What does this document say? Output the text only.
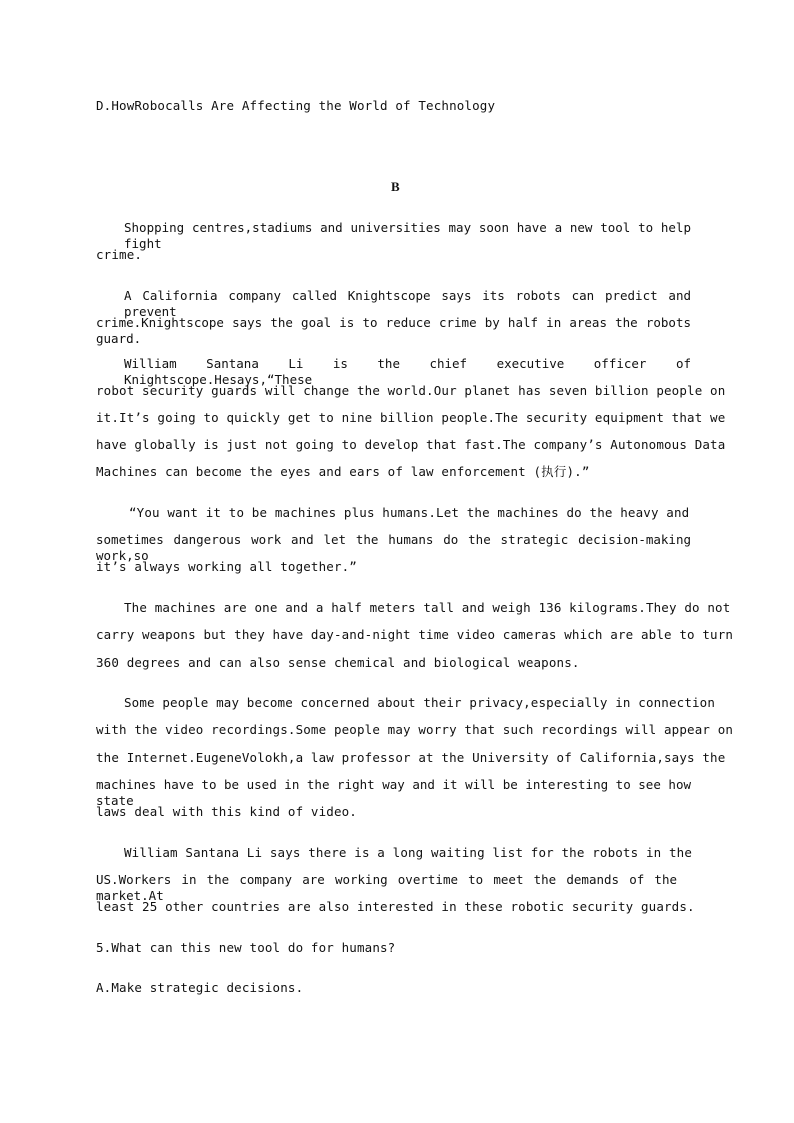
D.HowRobocalls Are Affecting the World of Technology
B
Shopping centres,stadiums and universities may soon have a new tool to help fight
crime.
A California company called Knightscope says its robots can predict and prevent
crime.Knightscope says the goal is to reduce crime by half in areas the robots guard.
William Santana Li is the chief executive officer of Knightscope.Hesays,“These
robot security guards will change the world.Our planet has seven billion people on
it.It’s going to quickly get to nine billion people.The security equipment that we
have globally is just not going to develop that fast.The company’s Autonomous Data
Machines can become the eyes and ears of law enforcement (执行).”
“You want it to be machines plus humans.Let the machines do the heavy and
sometimes dangerous work and let the humans do the strategic decision-making work,so
it’s always working all together.”
The machines are one and a half meters tall and weigh 136 kilograms.They do not
carry weapons but they have day-and-night time video cameras which are able to turn
360 degrees and can also sense chemical and biological weapons.
Some people may become concerned about their privacy,especially in connection
with the video recordings.Some people may worry that such recordings will appear on
the Internet.EugeneVolokh,a law professor at the University of California,says the
machines have to be used in the right way and it will be interesting to see how state
laws deal with this kind of video.
William Santana Li says there is a long waiting list for the robots in the
US.Workers in the company are working overtime to meet the demands of the market.At
least 25 other countries are also interested in these robotic security guards.
5.What can this new tool do for humans?
A.Make strategic decisions.
